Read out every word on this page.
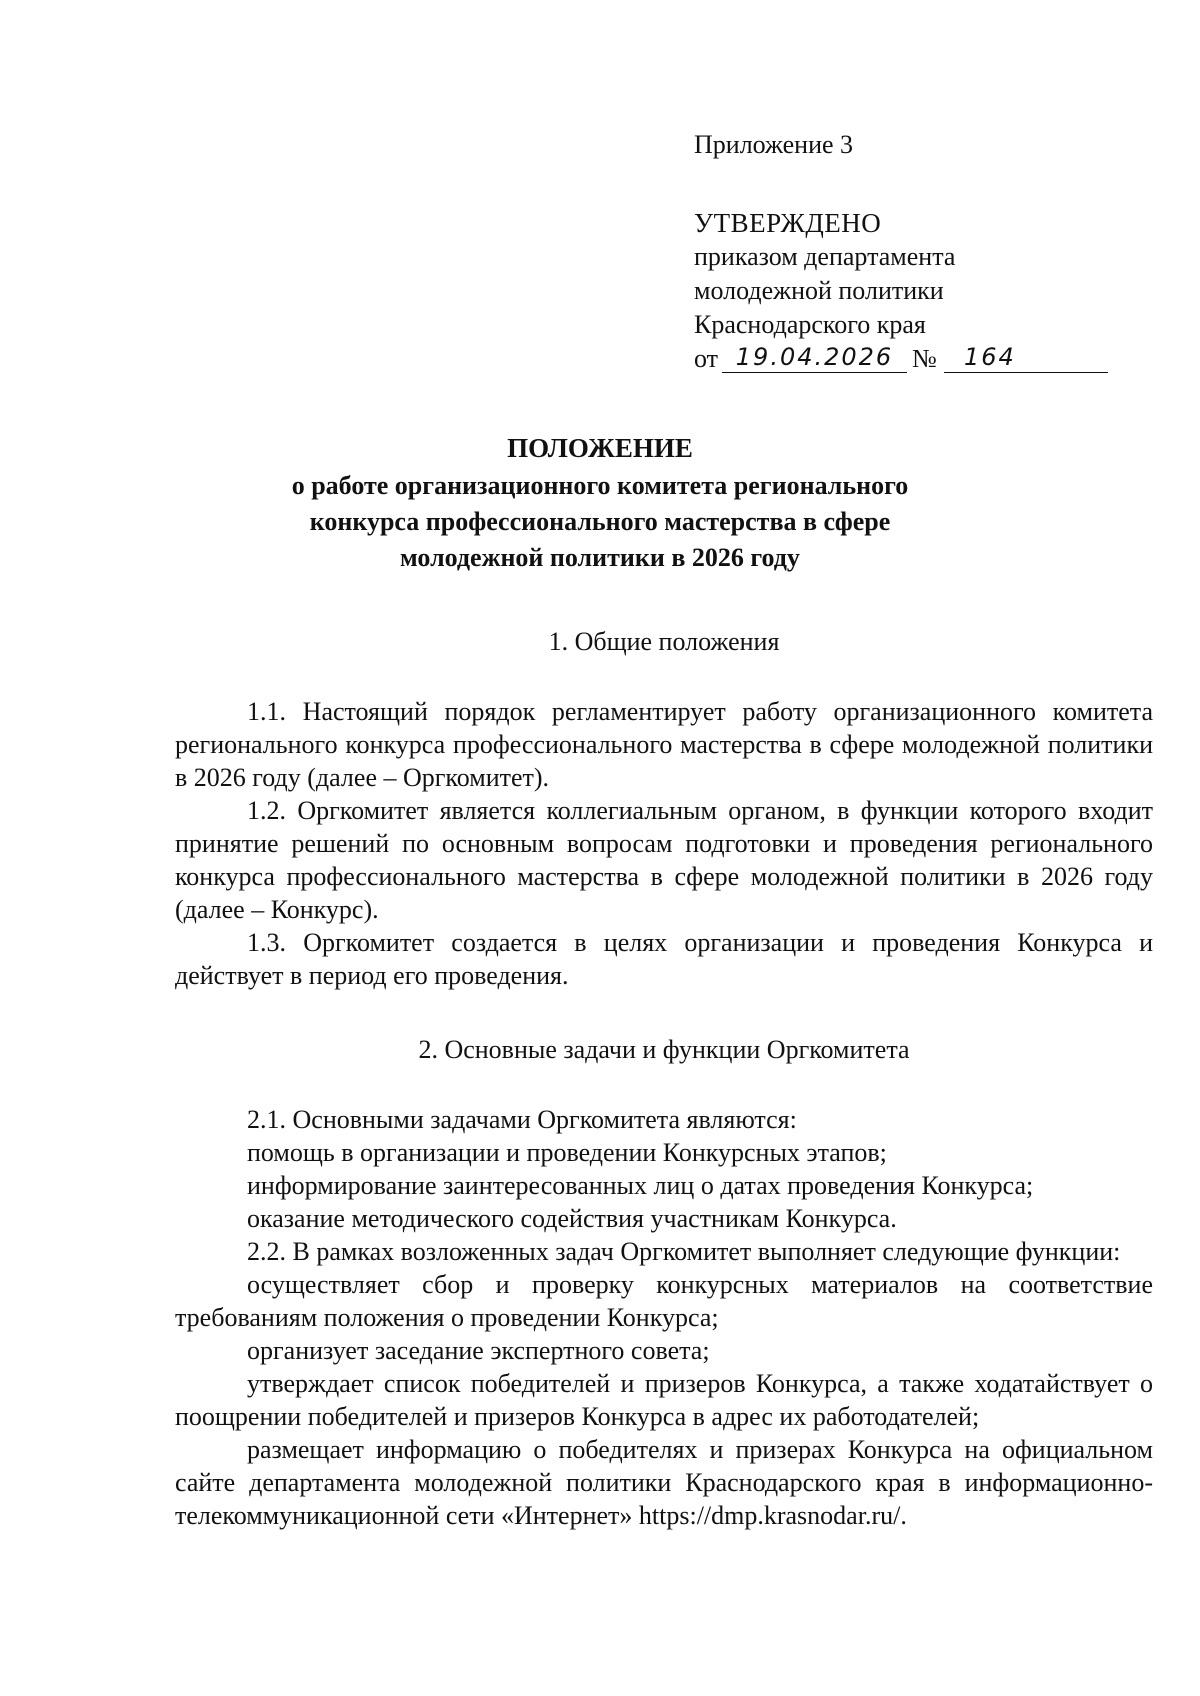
Приложение 3
УТВЕРЖДЕНО
приказом департамента
молодежной политики
Краснодарского края
от 19.04.2026 №	164
ПОЛОЖЕНИЕ
о работе организационного комитета регионального
конкурса профессионального мастерства в сфере
молодежной политики в 2026 году

1. Общие положения

1.1. Настоящий порядок регламентирует работу организационного комитета регионального конкурса профессионального мастерства в сфере молодежной политики в 2026 году (далее – Оргкомитет).

1.2. Оргкомитет является коллегиальным органом, в функции которого входит принятие решений по основным вопросам подготовки и проведения регионального конкурса профессионального мастерства в сфере молодежной политики в 2026 году (далее – Конкурс).

1.3. Оргкомитет создается в целях организации и проведения Конкурса и действует в период его проведения.

2. Основные задачи и функции Оргкомитета

2.1. Основными задачами Оргкомитета являются:

помощь в организации и проведении Конкурсных этапов;

информирование заинтересованных лиц о датах проведения Конкурса;

оказание методического содействия участникам Конкурса.

2.2. В рамках возложенных задач Оргкомитет выполняет следующие функции:

осуществляет сбор и проверку конкурсных материалов на соответствие требованиям положения о проведении Конкурса;

организует заседание экспертного совета;

утверждает список победителей и призеров Конкурса, а также ходатайствует о поощрении победителей и призеров Конкурса в адрес их работодателей;

размещает информацию о победителях и призерах Конкурса на официальном сайте департамента молодежной политики Краснодарского края в информационно-телекоммуникационной сети «Интернет» https://dmp.krasnodar.ru/.
